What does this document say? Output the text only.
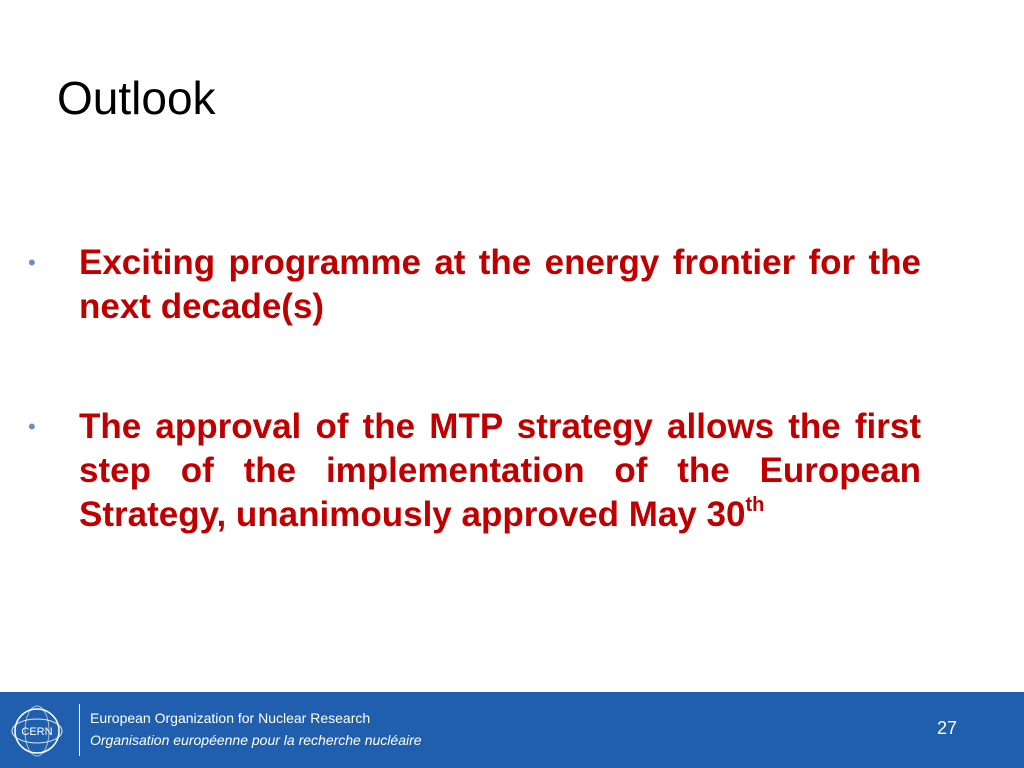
Outlook
• Exciting programme at the energy frontier for the next decade(s)
• The approval of the MTP strategy allows the first step of the implementation of the European Strategy, unanimously approved May 30th
CERN
European Organization for Nuclear Research
Organisation européenne pour la recherche nucléaire
27
